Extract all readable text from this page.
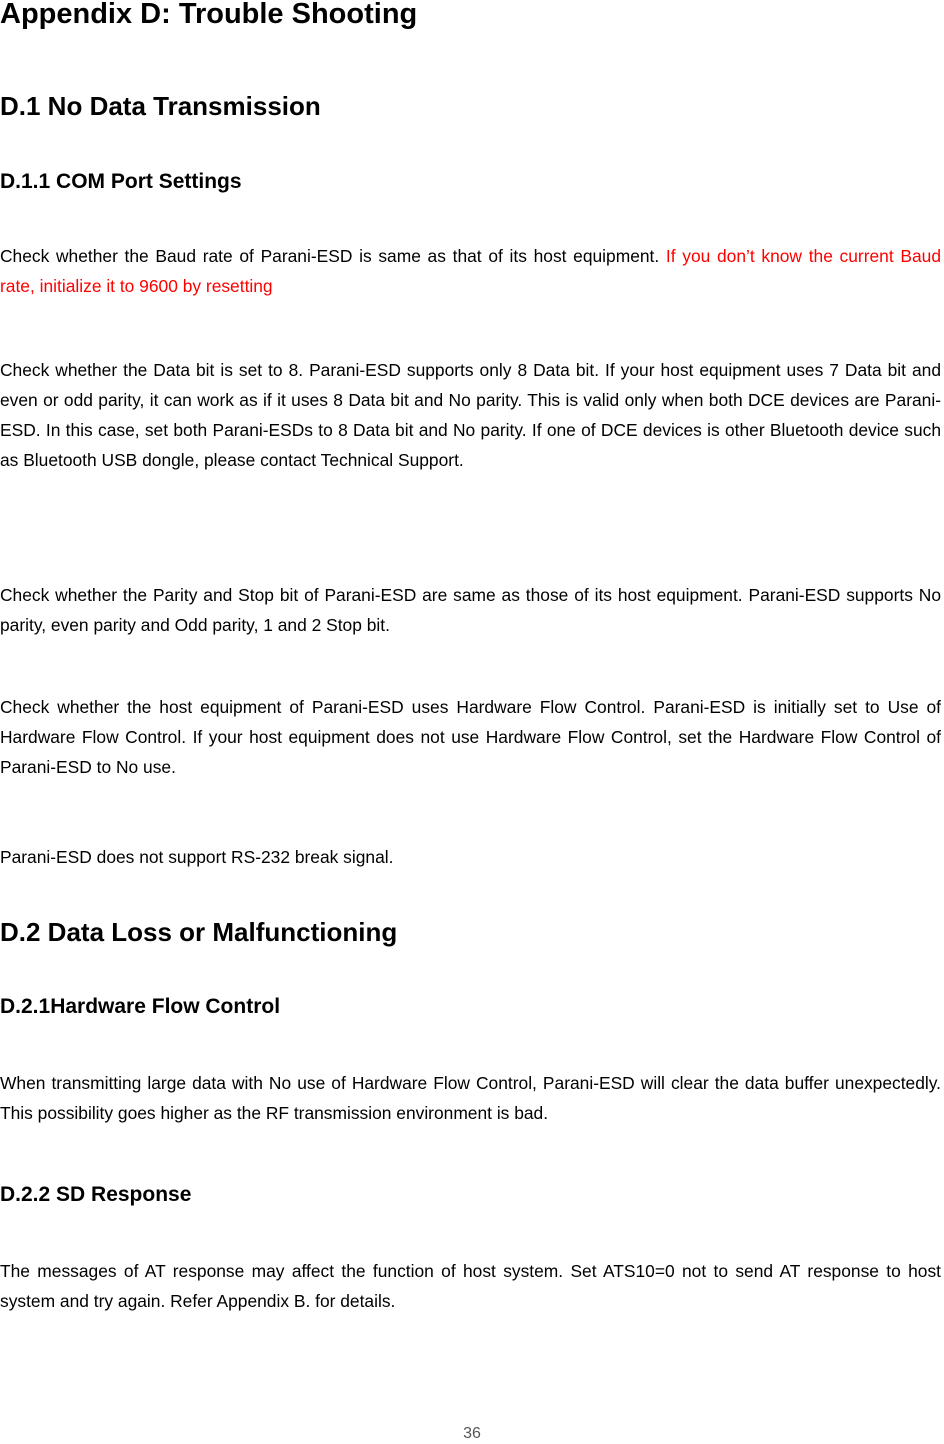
Appendix D: Trouble Shooting
D.1 No Data Transmission
D.1.1 COM Port Settings

Check whether the Baud rate of Parani-ESD is same as that of its host equipment. If you don’t know the current Baud rate, initialize it to 9600 by resetting

Check whether the Data bit is set to 8. Parani-ESD supports only 8 Data bit. If your host equipment uses 7 Data bit and even or odd parity, it can work as if it uses 8 Data bit and No parity. This is valid only when both DCE devices are Parani-ESD. In this case, set both Parani-ESDs to 8 Data bit and No parity. If one of DCE devices is other Bluetooth device such as Bluetooth USB dongle, please contact Technical Support.

Check whether the Parity and Stop bit of Parani-ESD are same as those of its host equipment. Parani-ESD supports No parity, even parity and Odd parity, 1 and 2 Stop bit.

Check whether the host equipment of Parani-ESD uses Hardware Flow Control. Parani-ESD is initially set to Use of Hardware Flow Control. If your host equipment does not use Hardware Flow Control, set the Hardware Flow Control of Parani-ESD to No use.

Parani-ESD does not support RS-232 break signal.

D.2 Data Loss or Malfunctioning
D.2.1Hardware Flow Control

When transmitting large data with No use of Hardware Flow Control, Parani-ESD will clear the data buffer unexpectedly. This possibility goes higher as the RF transmission environment is bad.

D.2.2 SD Response

The messages of AT response may affect the function of host system. Set ATS10=0 not to send AT response to host system and try again. Refer Appendix B. for details.

36
